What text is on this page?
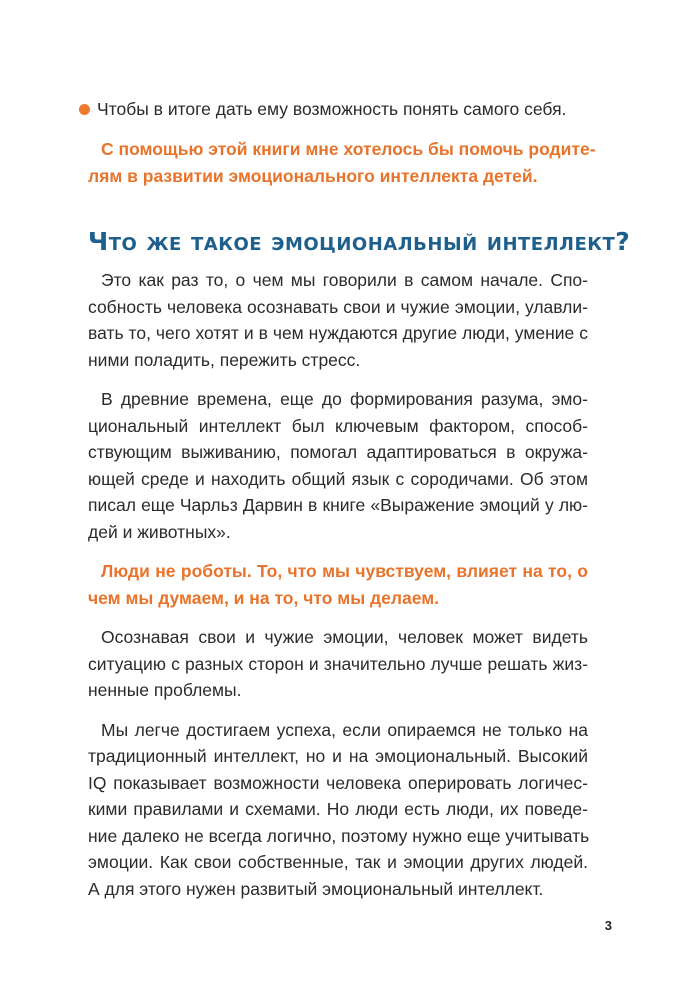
Чтобы в итоге дать ему возможность понять самого себя.

С помощью этой книги мне хотелось бы помочь родите-
лям в развитии эмоционального интеллекта детей.

Что же такое эмоциональный интеллект?

Это как раз то, о чем мы говорили в самом начале. Спо-
собность человека осознавать свои и чужие эмоции, улавли-
вать то, чего хотят и в чем нуждаются другие люди, умение с
ними поладить, пережить стресс.

В древние времена, еще до формирования разума, эмо-
циональный интеллект был ключевым фактором, способ-
ствующим выживанию, помогал адаптироваться в окружа-
ющей среде и находить общий язык с сородичами. Об этом
писал еще Чарльз Дарвин в книге «Выражение эмоций у лю-
дей и животных».

Люди не роботы. То, что мы чувствуем, влияет на то, о
чем мы думаем, и на то, что мы делаем.

Осознавая свои и чужие эмоции, человек может видеть
ситуацию с разных сторон и значительно лучше решать жиз-
ненные проблемы.

Мы легче достигаем успеха, если опираемся не только на
традиционный интеллект, но и на эмоциональный. Высокий
IQ показывает возможности человека оперировать логичес-
кими правилами и схемами. Но люди есть люди, их поведе-
ние далеко не всегда логично, поэтому нужно еще учитывать
эмоции. Как свои собственные, так и эмоции других людей.
А для этого нужен развитый эмоциональный интеллект.

3
